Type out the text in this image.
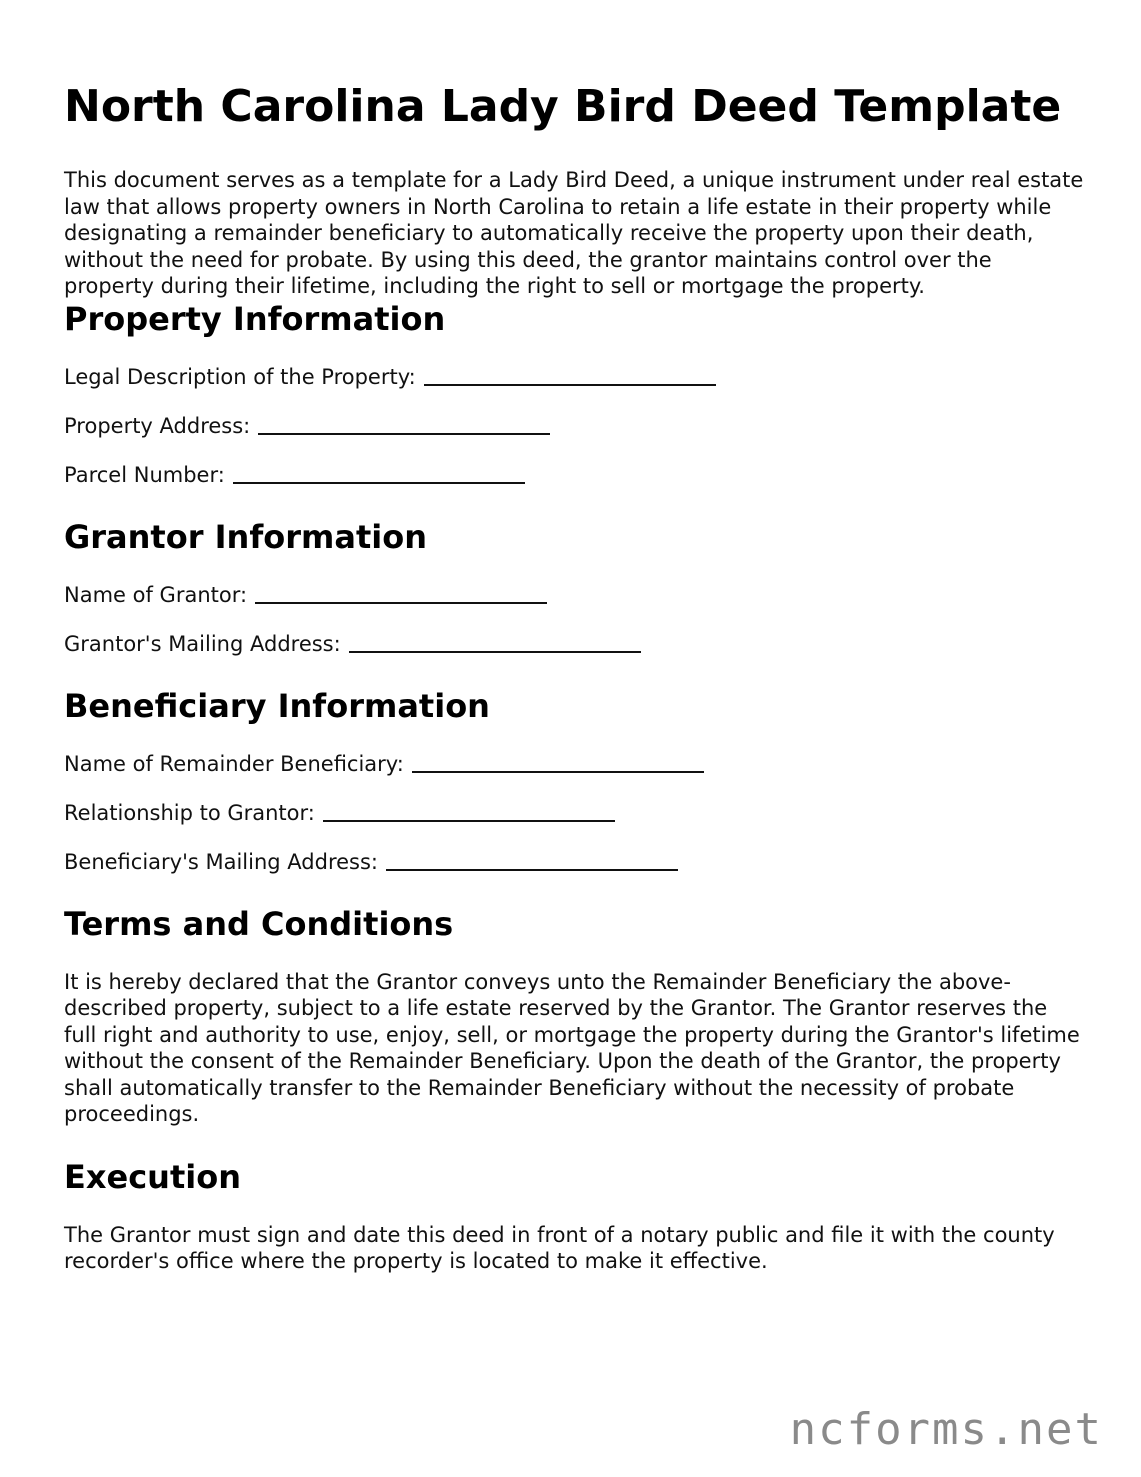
North Carolina Lady Bird Deed Template

This document serves as a template for a Lady Bird Deed, a unique instrument under real estate law that allows property owners in North Carolina to retain a life estate in their property while designating a remainder beneficiary to automatically receive the property upon their death, without the need for probate. By using this deed, the grantor maintains control over the property during their lifetime, including the right to sell or mortgage the property.

Property Information
Legal Description of the Property:
Property Address:
Parcel Number:
Grantor Information
Name of Grantor:
Grantor's Mailing Address:
Beneficiary Information
Name of Remainder Beneficiary:
Relationship to Grantor:
Beneficiary's Mailing Address:
Terms and Conditions

It is hereby declared that the Grantor conveys unto the Remainder Beneficiary the above-described property, subject to a life estate reserved by the Grantor. The Grantor reserves the full right and authority to use, enjoy, sell, or mortgage the property during the Grantor's lifetime without the consent of the Remainder Beneficiary. Upon the death of the Grantor, the property shall automatically transfer to the Remainder Beneficiary without the necessity of probate proceedings.

Execution

The Grantor must sign and date this deed in front of a notary public and file it with the county recorder's office where the property is located to make it effective.

ncforms.net
